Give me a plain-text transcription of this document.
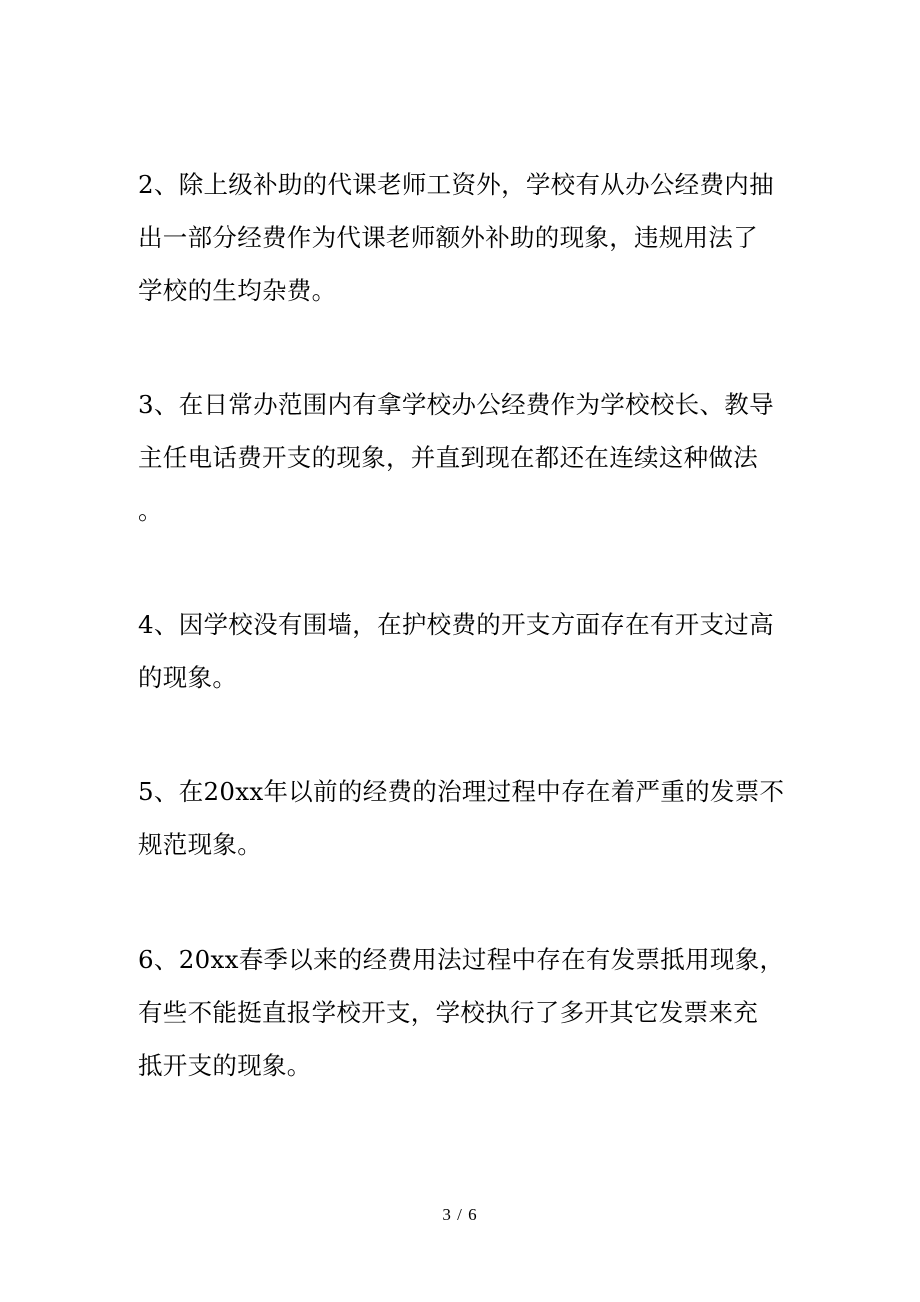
2、除上级补助的代课老师工资外，学校有从办公经费内抽
出一部分经费作为代课老师额外补助的现象，违规用法了
学校的生均杂费。

3、在日常办范围内有拿学校办公经费作为学校校长、教导
主任电话费开支的现象，并直到现在都还在连续这种做法
。

4、因学校没有围墙，在护校费的开支方面存在有开支过高
的现象。

5、在20xx年以前的经费的治理过程中存在着严重的发票不
规范现象。

6、20xx春季以来的经费用法过程中存在有发票抵用现象，
有些不能挺直报学校开支，学校执行了多开其它发票来充
抵开支的现象。

3 / 6
